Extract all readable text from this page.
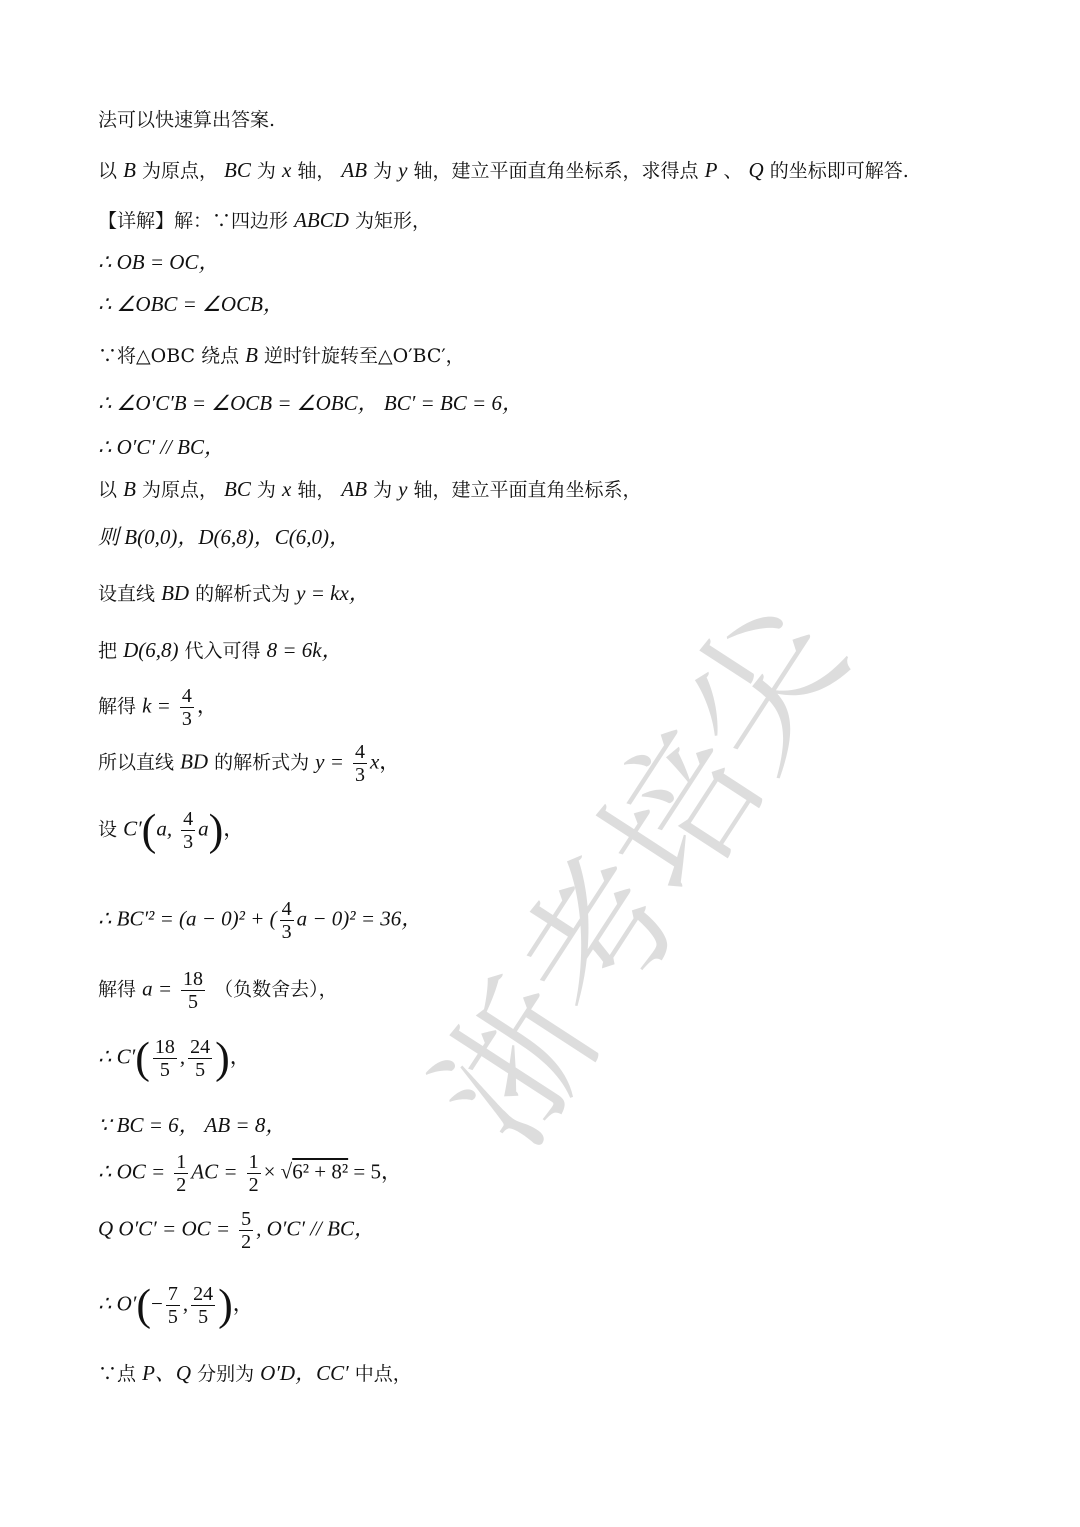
浙考培尖
法可以快速算出答案.
以 B 为原点， BC 为 x 轴， AB 为 y 轴，建立平面直角坐标系，求得点 P 、 Q 的坐标即可解答.
【详解】解：∵四边形 ABCD 为矩形，
∴ OB = OC，
∴ ∠OBC = ∠OCB，
∵将△OBC 绕点 B 逆时针旋转至△O′BC′，
∴ ∠O′C′B = ∠OCB = ∠OBC， BC′ = BC = 6，
∴ O′C′ // BC，
以 B 为原点， BC 为 x 轴， AB 为 y 轴，建立平面直角坐标系，
则 B(0,0)，D(6,8)，C(6,0)，
设直线 BD 的解析式为 y = kx，
把 D(6,8) 代入可得 8 = 6k，
解得 $k = \frac{4}{3}$ ，
所以直线 BD 的解析式为 $y = \frac{4}{3}$ x，
设 C′(a, $\frac{4}{3} a$)，
∴ BC′² = (a − 0)² + ( $\frac{4}{3}$ a − 0)² = 36，
解得 $a = \frac{18}{5}$ （负数舍去），
∴ $C'( \frac{18}{5}$ , $\frac{24}{5}$ )，
∵ BC = 6， AB = 8，
∴ OC = $\frac{1}{2}$ AC = $\frac{1}{2} \times √6^2 + 8^2 = 5$，
Q O′C′ = OC = $\frac{5}{2}$ , O′C′ // BC，
∴ $O'(- \frac{7}{5}$ , $\frac{24}{5}$ )，
∵点 P、Q 分别为 O′D，CC′ 中点，
